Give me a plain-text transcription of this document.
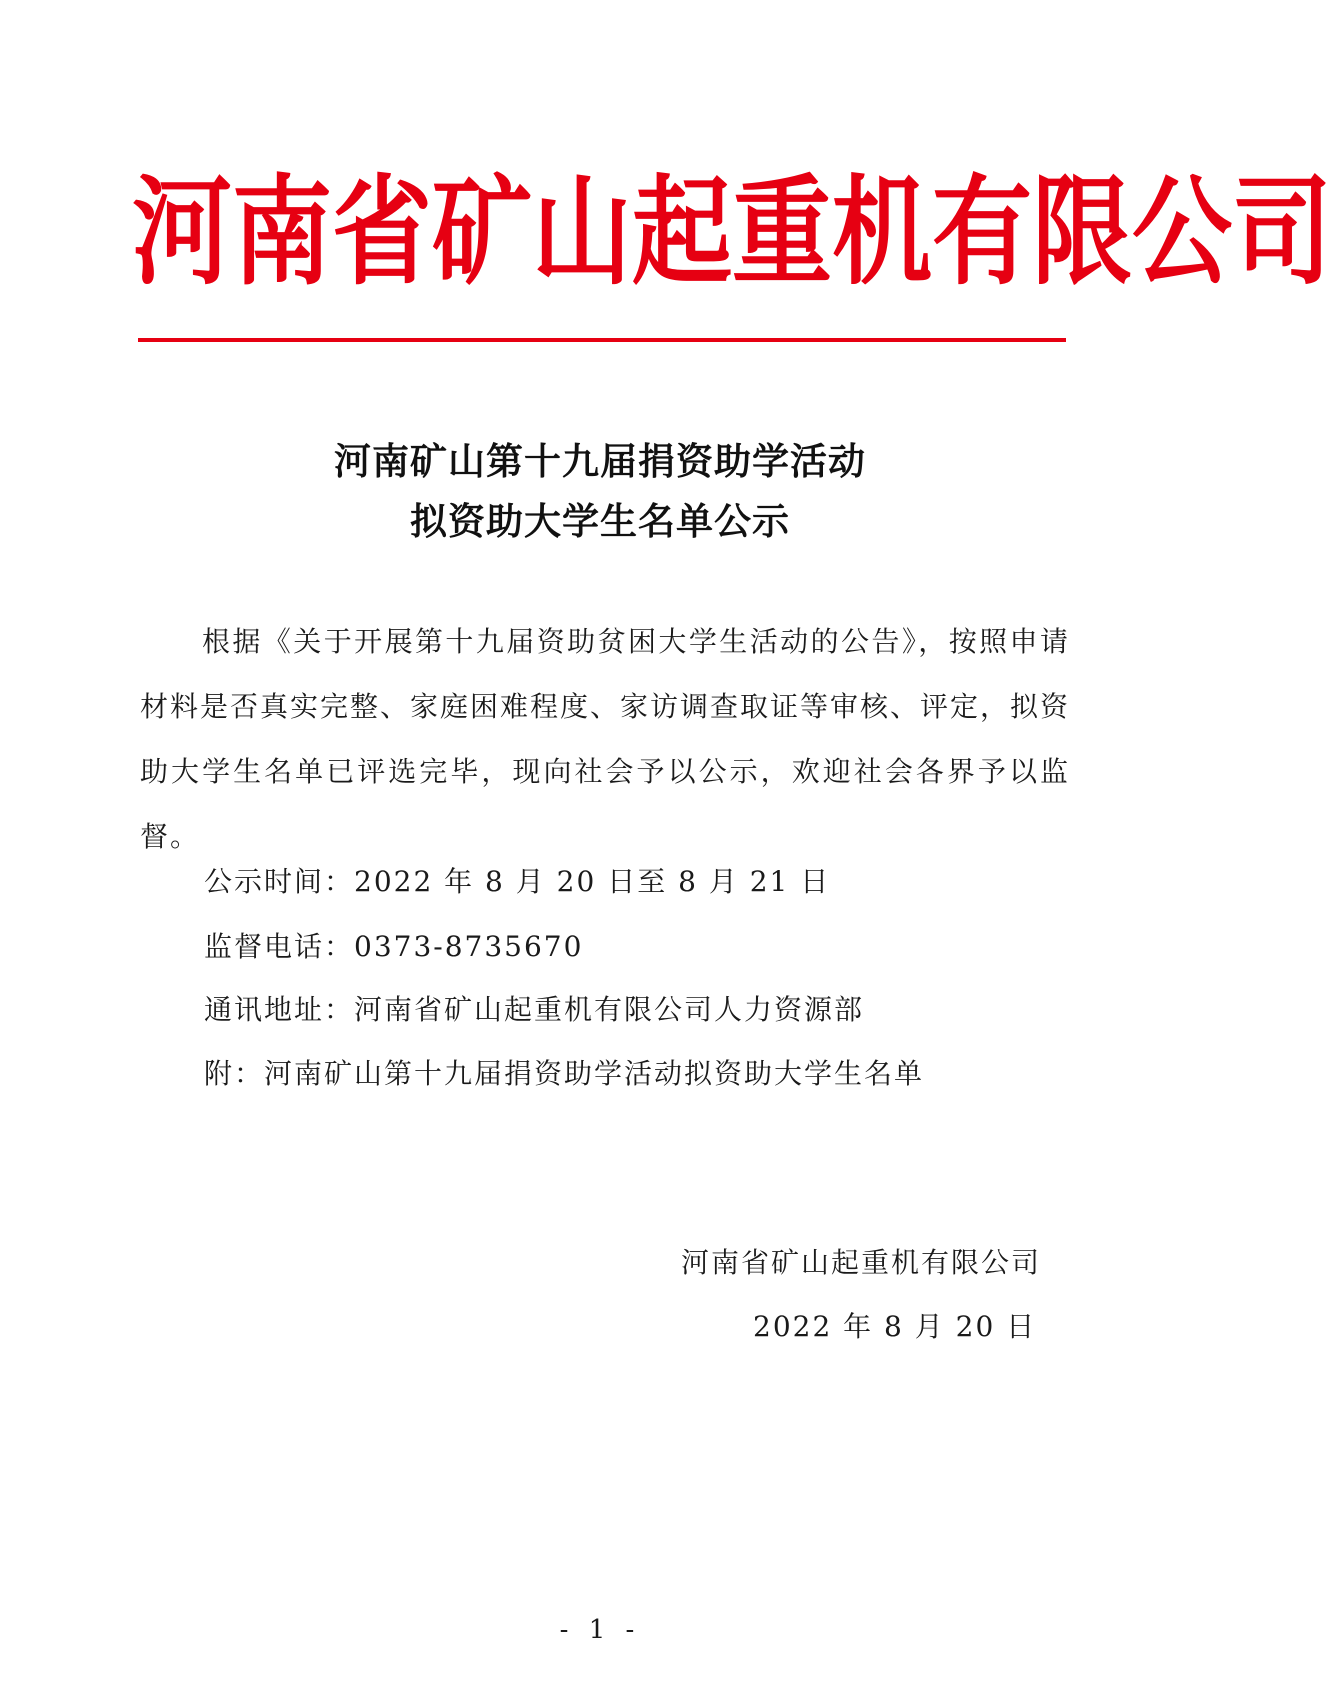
河南省矿山起重机有限公司
河南矿山第十九届捐资助学活动
拟资助大学生名单公示
根据《关于开展第十九届资助贫困大学生活动的公告》，按照申请材料是否真实完整、家庭困难程度、家访调查取证等审核、评定，拟资助大学生名单已评选完毕，现向社会予以公示，欢迎社会各界予以监督。
公示时间：2022 年 8 月 20 日至 8 月 21 日
监督电话：0373-8735670
通讯地址：河南省矿山起重机有限公司人力资源部
附：河南矿山第十九届捐资助学活动拟资助大学生名单
河南省矿山起重机有限公司
2022 年 8 月 20 日
- 1 -
